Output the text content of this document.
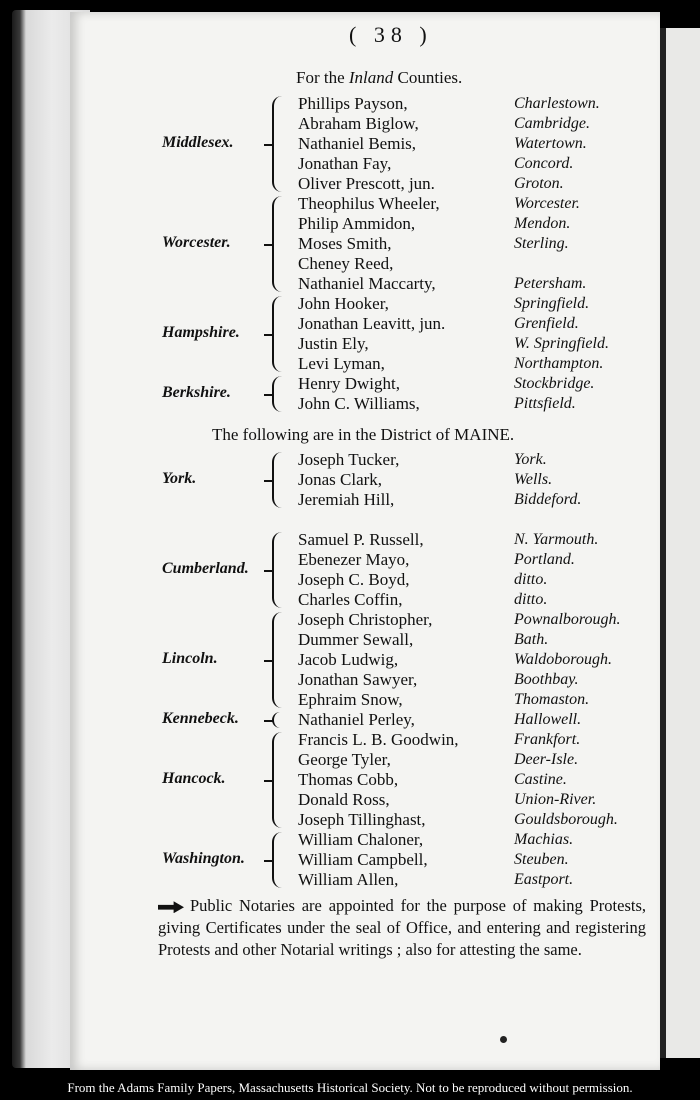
( 38 )
For the Inland Counties.
Phillips Payson,	Charlestown.
Abraham Biglow,	Cambridge.
Nathaniel Bemis,	Watertown.
Jonathan Fay,	Concord.
Oliver Prescott, jun.	Groton.
Middlesex.
Theophilus Wheeler,	Worcester.
Philip Ammidon,	Mendon.
Moses Smith,	Sterling.
Cheney Reed,
Nathaniel Maccarty,	Petersham.
Worcester.
John Hooker,	Springfield.
Jonathan Leavitt, jun.	Grenfield.
Justin Ely,	W. Springfield.
Levi Lyman,	Northampton.
Hampshire.
Henry Dwight,	Stockbridge.
John C. Williams,	Pittsfield.
Berkshire.
The following are in the District of MAINE.
Joseph Tucker,	York.
Jonas Clark,	Wells.
Jeremiah Hill,	Biddeford.
York.
Samuel P. Russell,	N. Yarmouth.
Ebenezer Mayo,	Portland.
Joseph C. Boyd,	ditto.
Charles Coffin,	ditto.
Cumberland.
Joseph Christopher,	Pownalborough.
Dummer Sewall,	Bath.
Jacob Ludwig,	Waldoborough.
Jonathan Sawyer,	Boothbay.
Ephraim Snow,	Thomaston.
Lincoln.
Nathaniel Perley,	Hallowell.
Kennebeck.
Francis L. B. Goodwin,	Frankfort.
George Tyler,	Deer-Isle.
Thomas Cobb,	Castine.
Donald Ross,	Union-River.
Joseph Tillinghast,	Gouldsborough.
Hancock.
William Chaloner,	Machias.
William Campbell,	Steuben.
William Allen,	Eastport.
Washington.
Public Notaries are appointed for the purpose of making Protests, giving Certificates under the seal of Office, and entering and registering Protests and other Notarial writings ; also for attesting the same.
From the Adams Family Papers, Massachusetts Historical Society. Not to be reproduced without permission.
